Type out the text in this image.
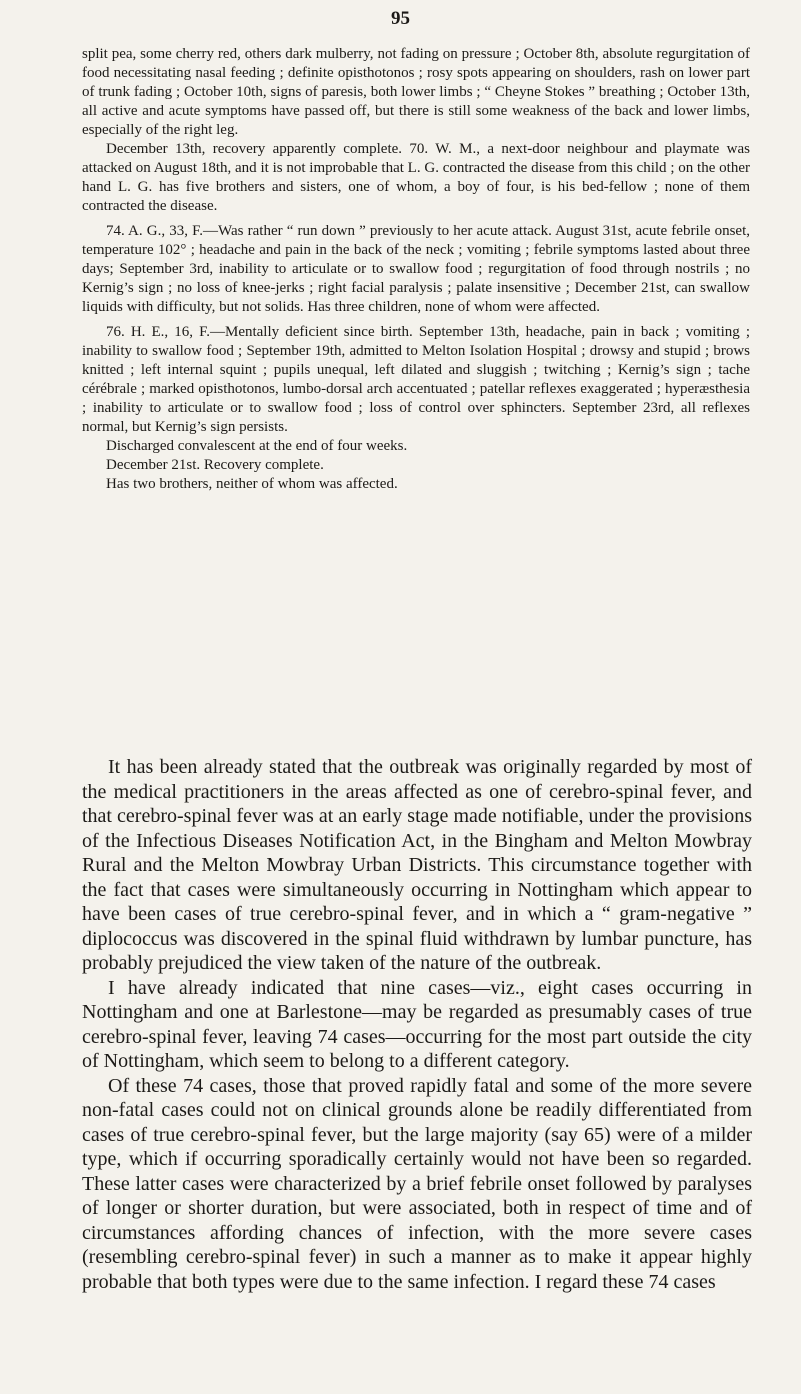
95

split pea, some cherry red, others dark mulberry, not fading on pressure ; October 8th, absolute regurgitation of food necessitating nasal feeding ; definite opisthotonos ; rosy spots appearing on shoulders, rash on lower part of trunk fading ; October 10th, signs of paresis, both lower limbs ; “ Cheyne Stokes ” breathing ; October 13th, all active and acute symptoms have passed off, but there is still some weakness of the back and lower limbs, especially of the right leg.

December 13th, recovery apparently complete. 70. W. M., a next-door neighbour and playmate was attacked on August 18th, and it is not improbable that L. G. contracted the disease from this child ; on the other hand L. G. has five brothers and sisters, one of whom, a boy of four, is his bed-fellow ; none of them contracted the disease.

74. A. G., 33, F.—Was rather “ run down ” previously to her acute attack. August 31st, acute febrile onset, temperature 102° ; headache and pain in the back of the neck ; vomiting ; febrile symptoms lasted about three days; September 3rd, inability to articulate or to swallow food ; regurgitation of food through nostrils ; no Kernig’s sign ; no loss of knee-jerks ; right facial paralysis ; palate insensitive ; December 21st, can swallow liquids with difficulty, but not solids. Has three children, none of whom were affected.

76. H. E., 16, F.—Mentally deficient since birth. September 13th, headache, pain in back ; vomiting ; inability to swallow food ; September 19th, admitted to Melton Isolation Hospital ; drowsy and stupid ; brows knitted ; left internal squint ; pupils unequal, left dilated and sluggish ; twitching ; Kernig’s sign ; tache cérébrale ; marked opisthotonos, lumbo-dorsal arch accentuated ; patellar reflexes exaggerated ; hyperæsthesia ; inability to articulate or to swallow food ; loss of control over sphincters. September 23rd, all reflexes normal, but Kernig’s sign persists.

Discharged convalescent at the end of four weeks.

December 21st. Recovery complete.

Has two brothers, neither of whom was affected.

It has been already stated that the outbreak was originally regarded by most of the medical practitioners in the areas affected as one of cerebro-spinal fever, and that cerebro-spinal fever was at an early stage made notifiable, under the provisions of the Infectious Diseases Notification Act, in the Bingham and Melton Mowbray Rural and the Melton Mowbray Urban Districts. This circumstance together with the fact that cases were simultaneously occurring in Nottingham which appear to have been cases of true cerebro-spinal fever, and in which a “ gram-negative ” diplococcus was discovered in the spinal fluid withdrawn by lumbar puncture, has probably prejudiced the view taken of the nature of the outbreak.

I have already indicated that nine cases—viz., eight cases occurring in Nottingham and one at Barlestone—may be regarded as presumably cases of true cerebro-spinal fever, leaving 74 cases—occurring for the most part outside the city of Nottingham, which seem to belong to a different category.

Of these 74 cases, those that proved rapidly fatal and some of the more severe non-fatal cases could not on clinical grounds alone be readily differentiated from cases of true cerebro-spinal fever, but the large majority (say 65) were of a milder type, which if occurring sporadically certainly would not have been so regarded. These latter cases were characterized by a brief febrile onset followed by paralyses of longer or shorter duration, but were associated, both in respect of time and of circumstances affording chances of infection, with the more severe cases (resembling cerebro-spinal fever) in such a manner as to make it appear highly probable that both types were due to the same infection. I regard these 74 cases
